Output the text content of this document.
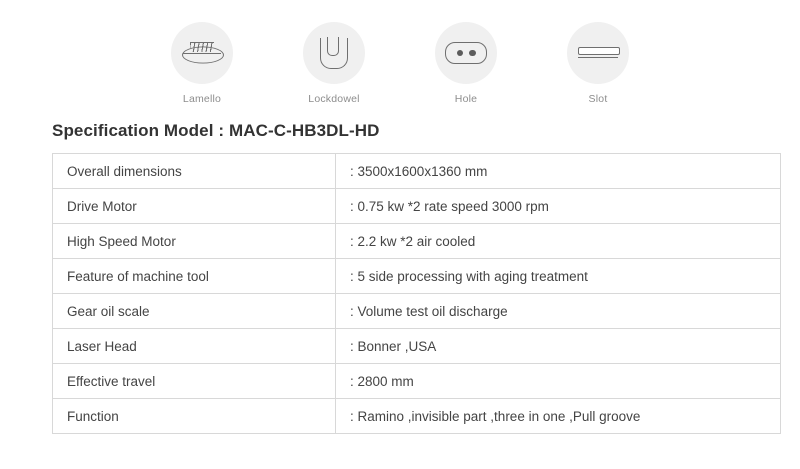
Lamello	Lockdowel	Hole	Slot
Specification Model : MAC-C-HB3DL-HD
Overall dimensions	: 3500x1600x1360 mm
Drive Motor	: 0.75 kw *2 rate speed 3000 rpm
High Speed Motor	: 2.2 kw *2 air cooled
Feature of machine tool	: 5 side processing with aging treatment
Gear oil scale	: Volume test oil discharge
Laser Head	: Bonner ,USA
Effective travel	: 2800 mm
Function	: Ramino ,invisible part ,three in one ,Pull groove
